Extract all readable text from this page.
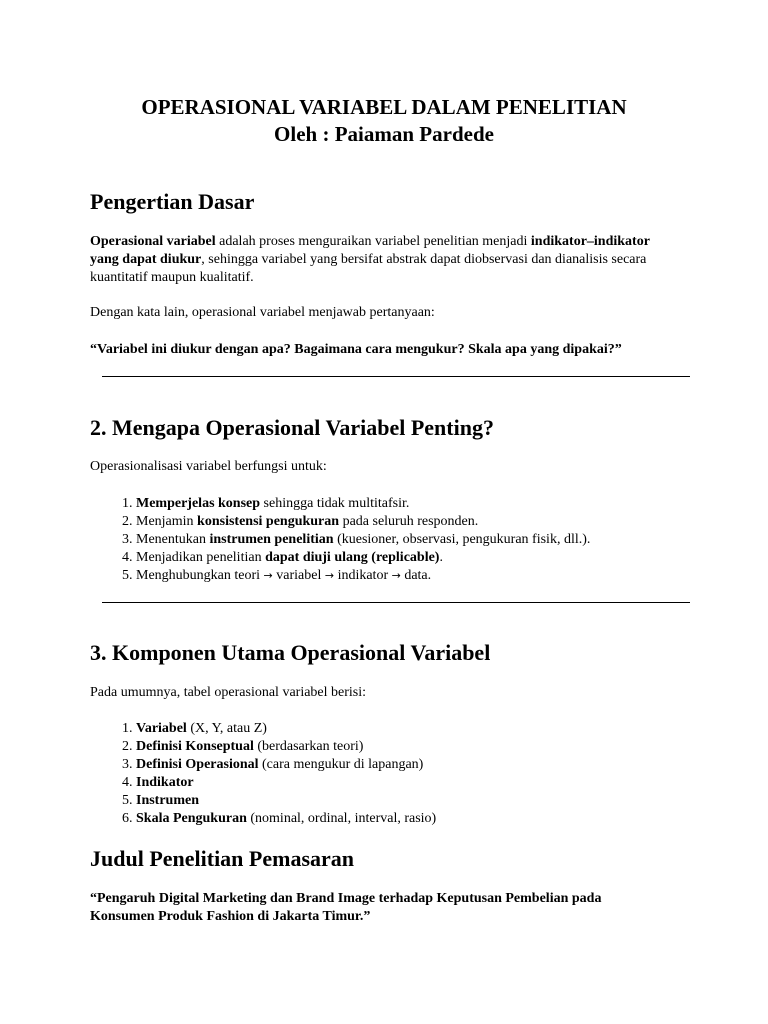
OPERASIONAL VARIABEL DALAM PENELITIAN
Oleh : Paiaman Pardede
Pengertian Dasar

Operasional variabel adalah proses menguraikan variabel penelitian menjadi indikator–indikator yang dapat diukur, sehingga variabel yang bersifat abstrak dapat diobservasi dan dianalisis secara kuantitatif maupun kualitatif.

Dengan kata lain, operasional variabel menjawab pertanyaan:

“Variabel ini diukur dengan apa? Bagaimana cara mengukur? Skala apa yang dipakai?”

2. Mengapa Operasional Variabel Penting?

Operasionalisasi variabel berfungsi untuk:

1. Memperjelas konsep sehingga tidak multitafsir.
2. Menjamin konsistensi pengukuran pada seluruh responden.
3. Menentukan instrumen penelitian (kuesioner, observasi, pengukuran fisik, dll.).
4. Menjadikan penelitian dapat diuji ulang (replicable).
5. Menghubungkan teori → variabel → indikator → data.
3. Komponen Utama Operasional Variabel

Pada umumnya, tabel operasional variabel berisi:

1. Variabel (X, Y, atau Z)
2. Definisi Konseptual (berdasarkan teori)
3. Definisi Operasional (cara mengukur di lapangan)
4. Indikator
5. Instrumen
6. Skala Pengukuran (nominal, ordinal, interval, rasio)
Judul Penelitian Pemasaran

“Pengaruh Digital Marketing dan Brand Image terhadap Keputusan Pembelian pada Konsumen Produk Fashion di Jakarta Timur.”
